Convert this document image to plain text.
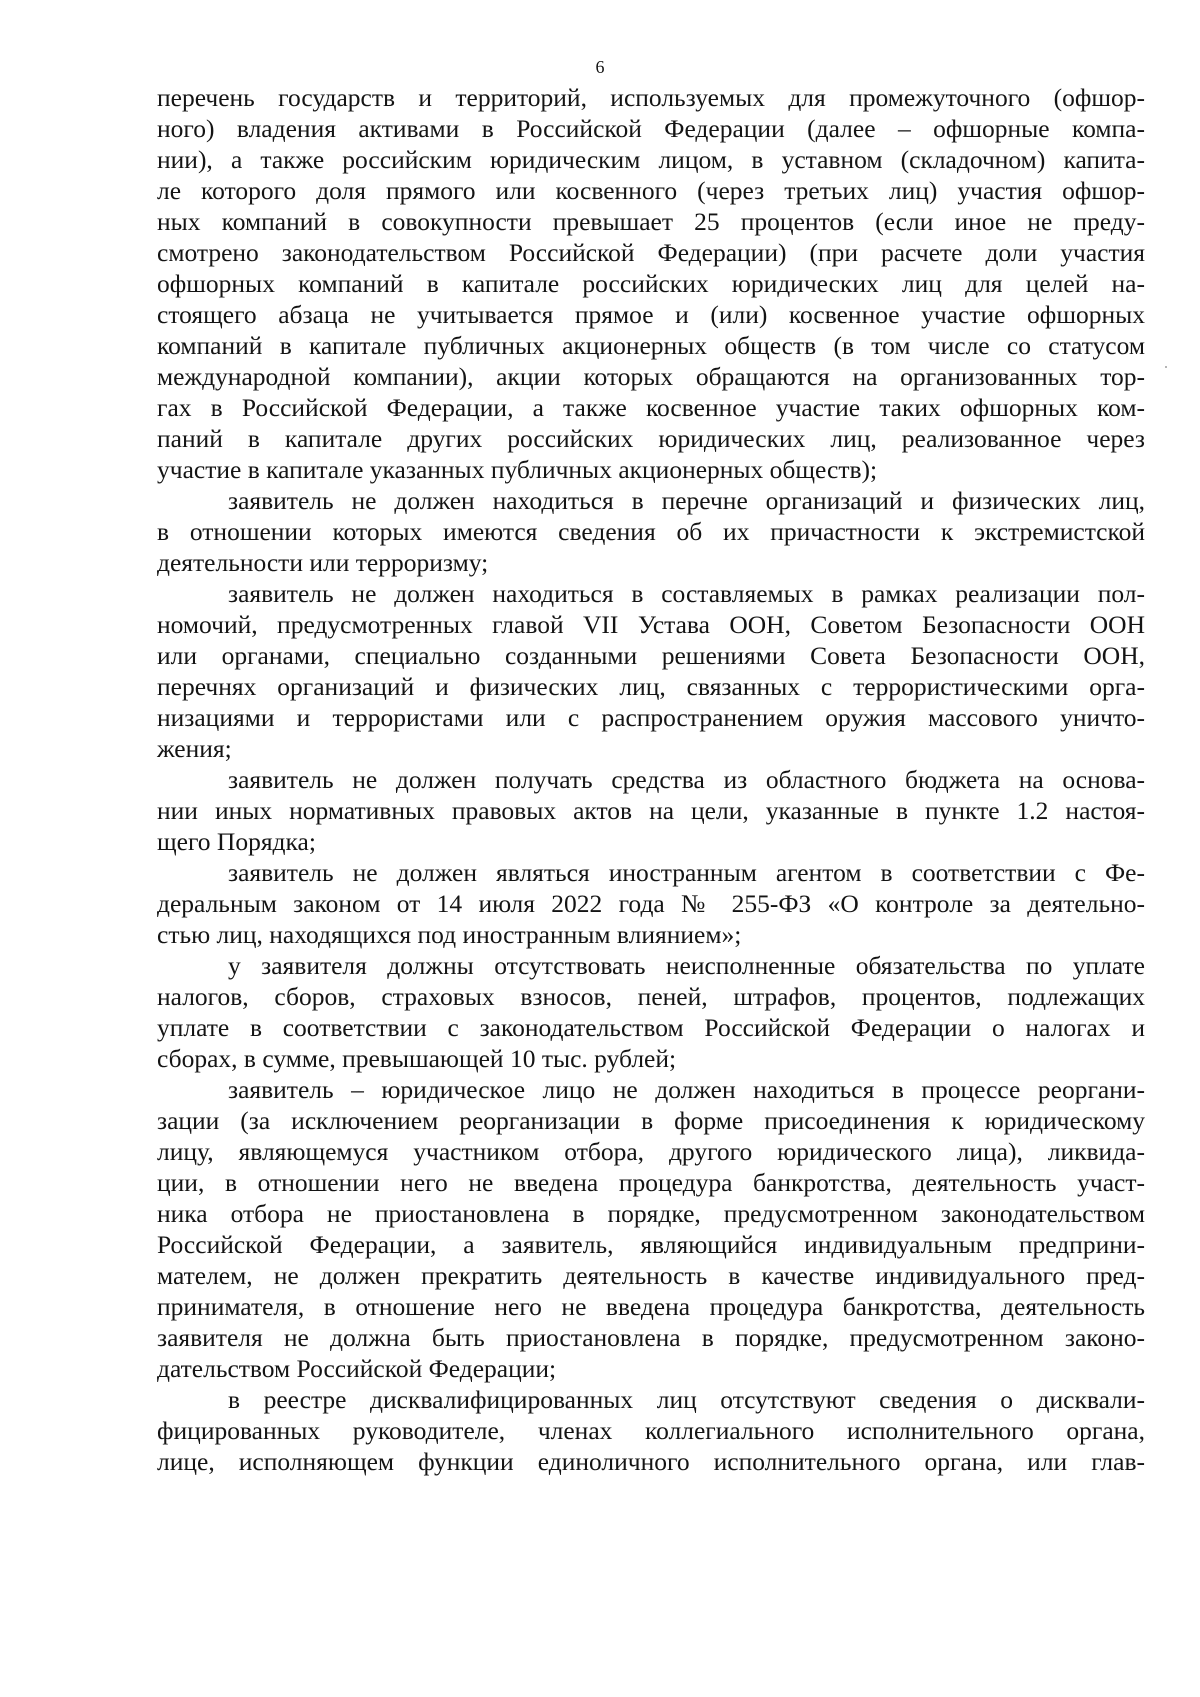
6
перечень государств и территорий, используемых для промежуточного (офшор-
ного) владения активами в Российской Федерации (далее – офшорные компа-
нии), а также российским юридическим лицом, в уставном (складочном) капита-
ле которого доля прямого или косвенного (через третьих лиц) участия офшор-
ных компаний в совокупности превышает 25 процентов (если иное не преду-
смотрено законодательством Российской Федерации) (при расчете доли участия
офшорных компаний в капитале российских юридических лиц для целей на-
стоящего абзаца не учитывается прямое и (или) косвенное участие офшорных
компаний в капитале публичных акционерных обществ (в том числе со статусом
международной компании), акции которых обращаются на организованных тор-
гах в Российской Федерации, а также косвенное участие таких офшорных ком-
паний в капитале других российских юридических лиц, реализованное через
участие в капитале указанных публичных акционерных обществ);
заявитель не должен находиться в перечне организаций и физических лиц,
в отношении которых имеются сведения об их причастности к экстремистской
деятельности или терроризму;
заявитель не должен находиться в составляемых в рамках реализации пол-
номочий, предусмотренных главой VII Устава ООН, Советом Безопасности ООН
или органами, специально созданными решениями Совета Безопасности ООН,
перечнях организаций и физических лиц, связанных с террористическими орга-
низациями и террористами или с распространением оружия массового уничто-
жения;
заявитель не должен получать средства из областного бюджета на основа-
нии иных нормативных правовых актов на цели, указанные в пункте 1.2 настоя-
щего Порядка;
заявитель не должен являться иностранным агентом в соответствии с Фе-
деральным законом от 14 июля 2022 года № 255-ФЗ «О контроле за деятельно-
стью лиц, находящихся под иностранным влиянием»;
у заявителя должны отсутствовать неисполненные обязательства по уплате
налогов, сборов, страховых взносов, пеней, штрафов, процентов, подлежащих
уплате в соответствии с законодательством Российской Федерации о налогах и
сборах, в сумме, превышающей 10 тыс. рублей;
заявитель – юридическое лицо не должен находиться в процессе реоргани-
зации (за исключением реорганизации в форме присоединения к юридическому
лицу, являющемуся участником отбора, другого юридического лица), ликвида-
ции, в отношении него не введена процедура банкротства, деятельность участ-
ника отбора не приостановлена в порядке, предусмотренном законодательством
Российской Федерации, а заявитель, являющийся индивидуальным предприни-
мателем, не должен прекратить деятельность в качестве индивидуального пред-
принимателя, в отношение него не введена процедура банкротства, деятельность
заявителя не должна быть приостановлена в порядке, предусмотренном законо-
дательством Российской Федерации;
в реестре дисквалифицированных лиц отсутствуют сведения о дисквали-
фицированных руководителе, членах коллегиального исполнительного органа,
лице, исполняющем функции единоличного исполнительного органа, или глав-
